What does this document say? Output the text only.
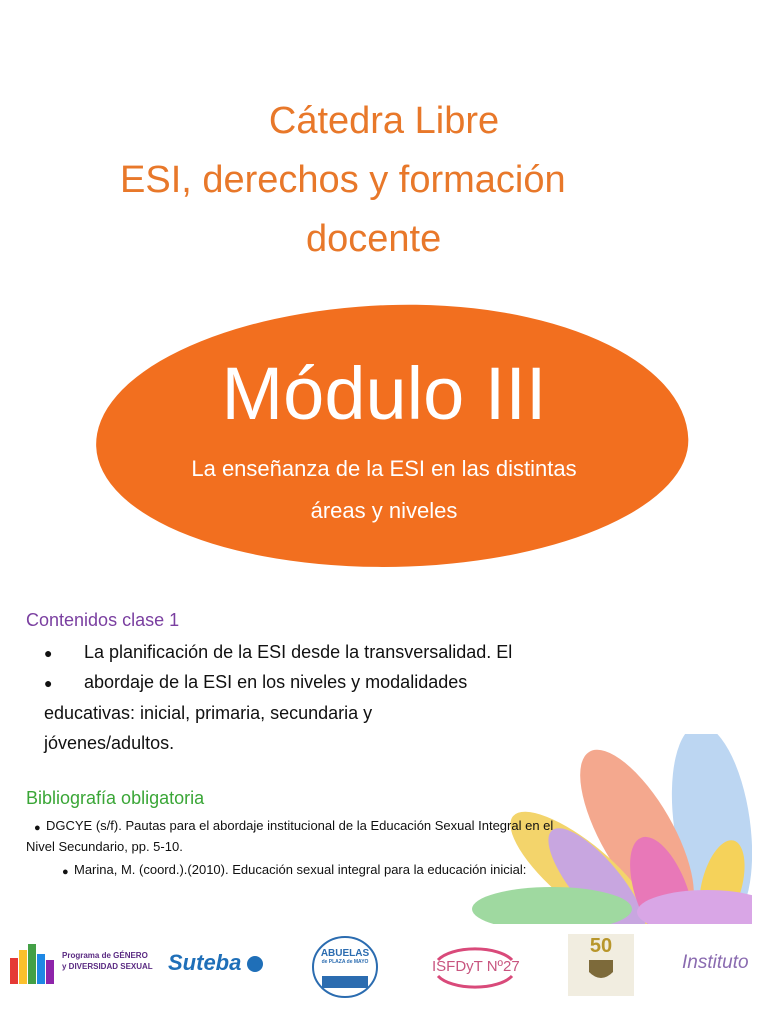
Cátedra Libre
ESI, derechos y formación
docente
Módulo III
La enseñanza de la ESI en las distintas
áreas y niveles
Contenidos clase 1
● La planificación de la ESI desde la transversalidad. El
● abordaje de la ESI en los niveles y modalidades
educativas: inicial, primaria, secundaria y
jóvenes/adultos.
Bibliografía obligatoria
● DGCYE (s/f). Pautas para el abordaje institucional de la Educación Sexual Integral en el
Nivel Secundario, pp. 5-10.
● Marina, M. (coord.).(2010). Educación sexual integral para la educación inicial:
Programa de GÉNERO
y DIVERSIDAD SEXUAL Suteba	ABUELAS
de PLAZA de MAYO	ISFDyT Nº27
50
Instituto
